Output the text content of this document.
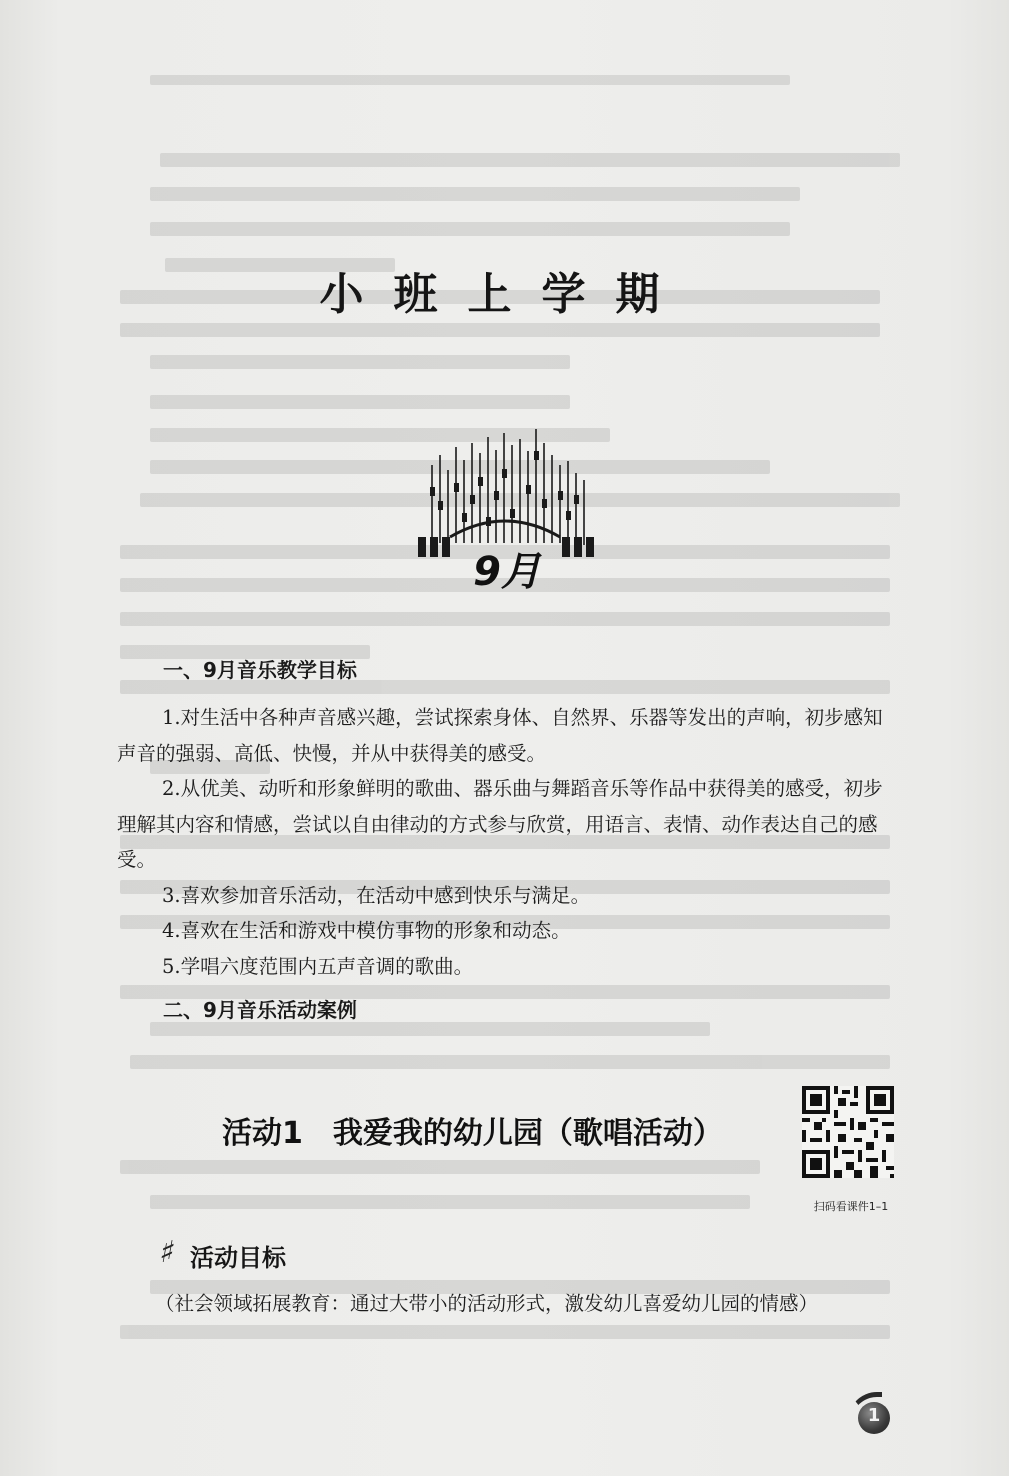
小班上学期
9月
一、9月音乐教学目标

1.对生活中各种声音感兴趣，尝试探索身体、自然界、乐器等发出的声响，初步感知声音的强弱、高低、快慢，并从中获得美的感受。

2.从优美、动听和形象鲜明的歌曲、器乐曲与舞蹈音乐等作品中获得美的感受，初步理解其内容和情感，尝试以自由律动的方式参与欣赏，用语言、表情、动作表达自己的感受。

3.喜欢参加音乐活动，在活动中感到快乐与满足。

4.喜欢在生活和游戏中模仿事物的形象和动态。

5.学唱六度范围内五声音调的歌曲。

二、9月音乐活动案例
活动1 我爱我的幼儿园（歌唱活动）
扫码看课件1–1
♯ 活动目标

（社会领域拓展教育：通过大带小的活动形式，激发幼儿喜爱幼儿园的情感）

1
